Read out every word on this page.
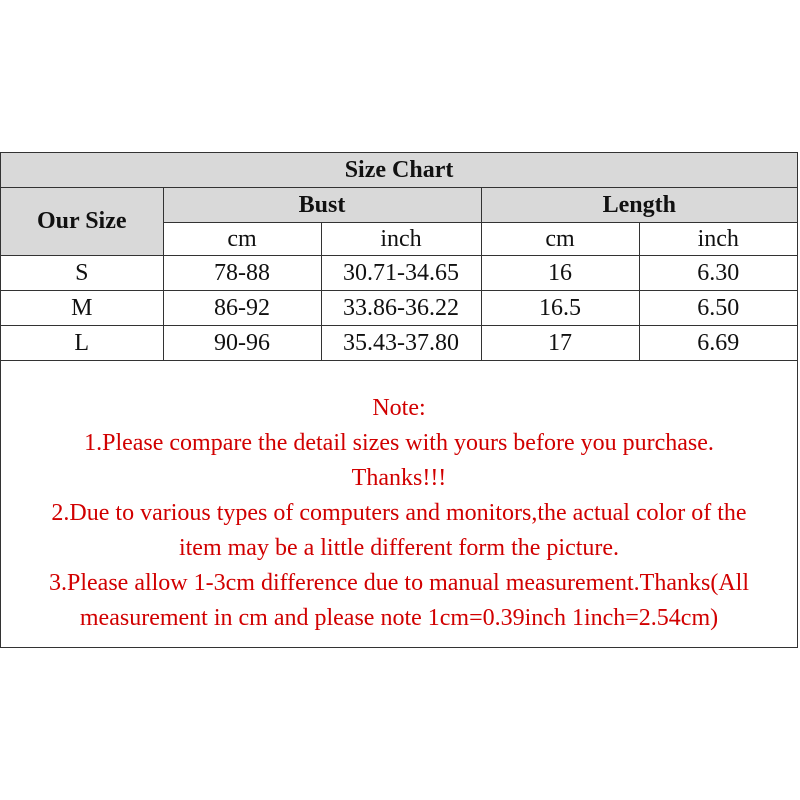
Size Chart				
Our Size	Bust		Length	
	cm	inch	cm	inch
S	78-88	30.71-34.65	16	6.30
M	86-92	33.86-36.22	16.5	6.50
L	90-96	35.43-37.80	17	6.69
Note:
1.Please compare the detail sizes with yours before you purchase.
Thanks!!!
2.Due to various types of computers and monitors,the actual color of the
item may be a little different form the picture.
3.Please allow 1-3cm difference due to manual measurement.Thanks(All
measurement in cm and please note 1cm=0.39inch 1inch=2.54cm)
